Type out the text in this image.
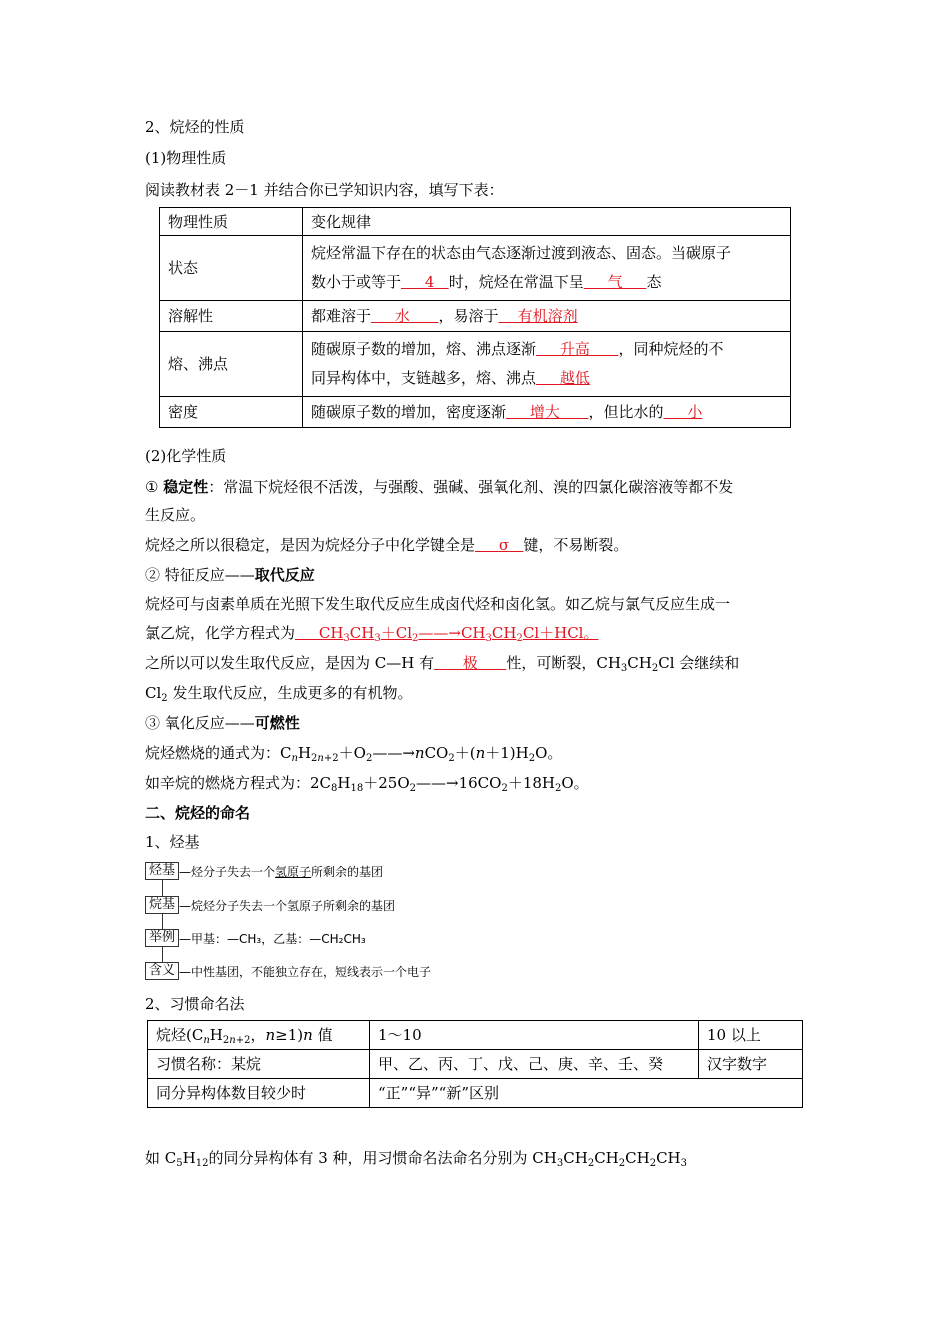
2、烷烃的性质
(1)物理性质
阅读教材表 2－1 并结合你已学知识内容，填写下表：
物理性质	变化规律
状态	烷烃常温下存在的状态由气态逐渐过渡到液态、固态。当碳原子
数小于或等于 4 时，烷烃在常温下呈 气 态
溶解性	都难溶于 水 ，易溶于 有机溶剂
熔、沸点	随碳原子数的增加，熔、沸点逐渐 升高 ，同种烷烃的不
同异构体中，支链越多，熔、沸点 越低
密度	随碳原子数的增加，密度逐渐 增大 ，但比水的 小
(2)化学性质
① 稳定性：常温下烷烃很不活泼，与强酸、强碱、强氧化剂、溴的四氯化碳溶液等都不发
生反应。
烷烃之所以很稳定，是因为烷烃分子中化学键全是 σ 键，不易断裂。
② 特征反应——取代反应
烷烃可与卤素单质在光照下发生取代反应生成卤代烃和卤化氢。如乙烷与氯气反应生成一
氯乙烷，化学方程式为     $CH_3CH_3+Cl_2——\to CH_3CH_2Cl+HCl$。
之所以可以发生取代反应，是因为 C—H 有 极 性，可断裂，$CH_3CH_2Cl$ 会继续和
$Cl_2$ 发生取代反应，生成更多的有机物。
③ 氧化反应——可燃性
烷烃燃烧的通式为：$C_nH_{2n+2}+O_2——\to nCO_2+(n+1)H_2O$。
如辛烷的燃烧方程式为：$2C_8H_{18}+25O_2——\to 16CO_2+18H_2O$。
二、烷烃的命名
1、烃基
烃基 —烃分子失去一个 氢原子 所剩余的基团
烷基 —烷烃分子失去一个氢原子所剩余的基团
举例 —甲基：—CH₃，乙基：—CH₂CH₃
含义 —中性基团，不能独立存在，短线表示一个电子
2、习惯命名法
烷烃($C_nH_{2n+2}$，n≥1)n 值	1～10	10 以上
习惯名称：某烷	甲、乙、丙、丁、戊、己、庚、辛、壬、癸	汉字数字
同分异构体数目较少时	“正”“异”“新”区别	
如 $C_5H_{12}$的同分异构体有 3 种，用习惯命名法命名分别为 $CH_3CH_2CH_2CH_2CH_3$
